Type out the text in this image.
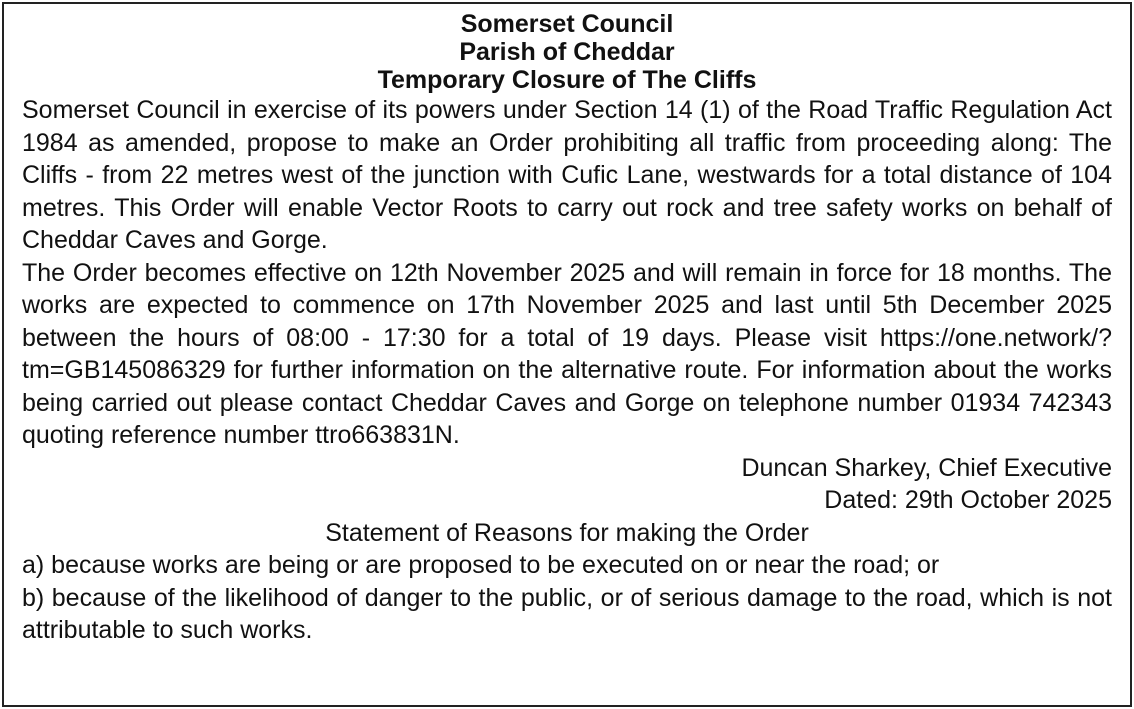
Somerset Council
Parish of Cheddar
Temporary Closure of The Cliffs

Somerset Council in exercise of its powers under Section 14 (1) of the Road Traffic Regulation Act 1984 as amended, propose to make an Order prohibiting all traffic from proceeding along: The Cliffs - from 22 metres west of the junction with Cufic Lane, westwards for a total distance of 104 metres. This Order will enable Vector Roots to carry out rock and tree safety works on behalf of Cheddar Caves and Gorge.

The Order becomes effective on 12th November 2025 and will remain in force for 18 months. The works are expected to commence on 17th November 2025 and last until 5th December 2025 between the hours of 08:00 - 17:30 for a total of 19 days. Please visit https://one.network/?tm=GB145086329 for further information on the alternative route. For information about the works being carried out please contact Cheddar Caves and Gorge on telephone number 01934 742343 quoting reference number ttro663831N.

Duncan Sharkey, Chief Executive
Dated: 29th October 2025
Statement of Reasons for making the Order

a) because works are being or are proposed to be executed on or near the road; or

b) because of the likelihood of danger to the public, or of serious damage to the road, which is not attributable to such works.
